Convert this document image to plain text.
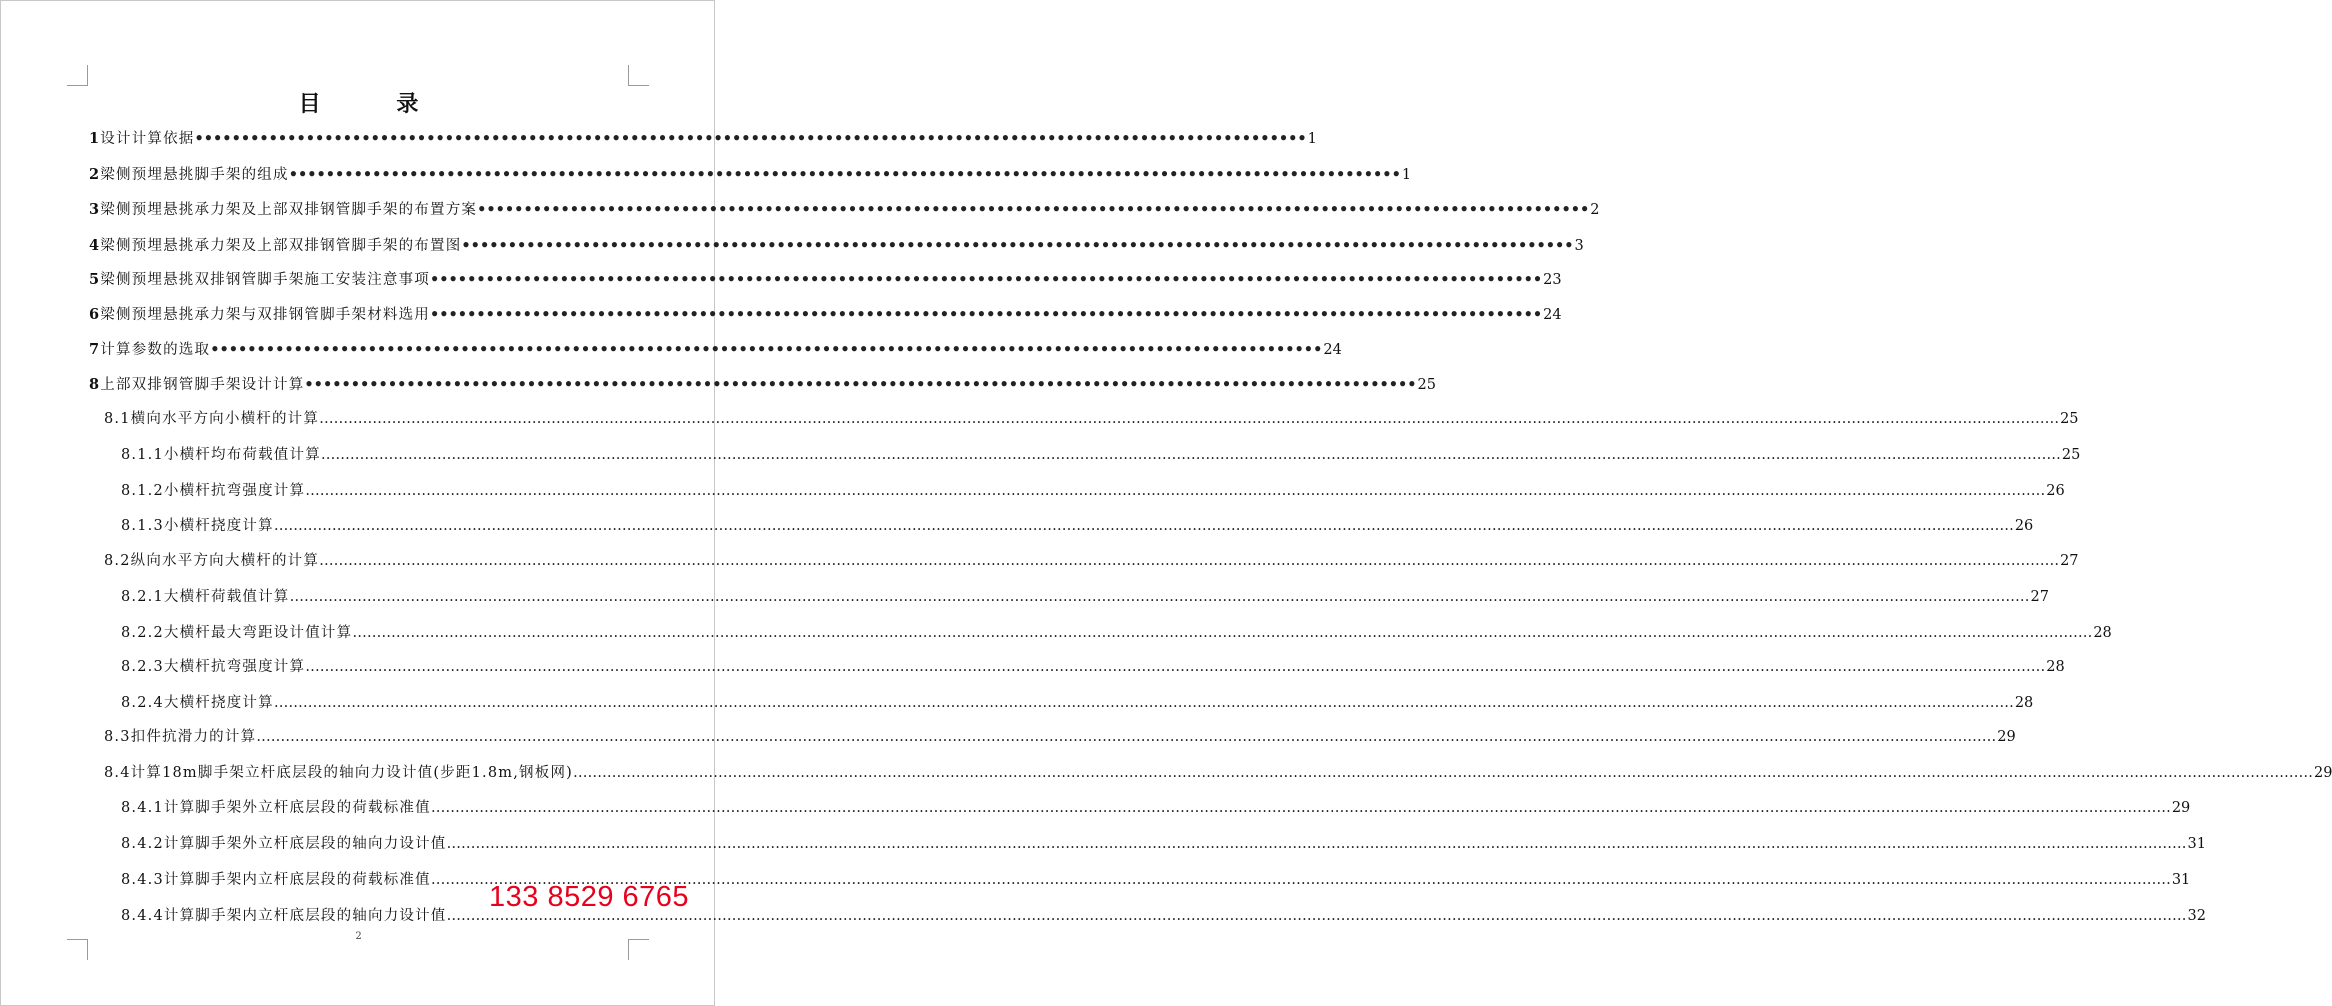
目 录
1 设计计算依据 •••••••••••••••••••••••••••••••••••••••••••••••••••••••••••••••••••••••••••••••••••••••••••••••••••••••••••••••••••••••• 1
2 梁侧预埋悬挑脚手架的组成 •••••••••••••••••••••••••••••••••••••••••••••••••••••••••••••••••••••••••••••••••••••••••••••••••••••••••••••••••••••••• 1
3 梁侧预埋悬挑承力架及上部双排钢管脚手架的布置方案 •••••••••••••••••••••••••••••••••••••••••••••••••••••••••••••••••••••••••••••••••••••••••••••••••••••••••••••••••••••••• 2
4 梁侧预埋悬挑承力架及上部双排钢管脚手架的布置图 •••••••••••••••••••••••••••••••••••••••••••••••••••••••••••••••••••••••••••••••••••••••••••••••••••••••••••••••••••••••• 3
5 梁侧预埋悬挑双排钢管脚手架施工安装注意事项 •••••••••••••••••••••••••••••••••••••••••••••••••••••••••••••••••••••••••••••••••••••••••••••••••••••••••••••••••••••••• 23
6 梁侧预埋悬挑承力架与双排钢管脚手架材料选用 •••••••••••••••••••••••••••••••••••••••••••••••••••••••••••••••••••••••••••••••••••••••••••••••••••••••••••••••••••••••• 24
7 计算参数的选取 •••••••••••••••••••••••••••••••••••••••••••••••••••••••••••••••••••••••••••••••••••••••••••••••••••••••••••••••••••••••• 24
8 上部双排钢管脚手架设计计算 •••••••••••••••••••••••••••••••••••••••••••••••••••••••••••••••••••••••••••••••••••••••••••••••••••••••••••••••••••••••• 25
8.1 横向水平方向小横杆的计算 ……………………………………………………………………………………………………………………………………………………………………………………………………………………………………………………………………………………………………………………………… 25
8.1.1 小横杆均布荷载值计算 ……………………………………………………………………………………………………………………………………………………………………………………………………………………………………………………………………………………………………………………………… 25
8.1.2 小横杆抗弯强度计算 ……………………………………………………………………………………………………………………………………………………………………………………………………………………………………………………………………………………………………………………………… 26
8.1.3 小横杆挠度计算 ……………………………………………………………………………………………………………………………………………………………………………………………………………………………………………………………………………………………………………………………… 26
8.2 纵向水平方向大横杆的计算 ……………………………………………………………………………………………………………………………………………………………………………………………………………………………………………………………………………………………………………………………… 27
8.2.1 大横杆荷载值计算 ……………………………………………………………………………………………………………………………………………………………………………………………………………………………………………………………………………………………………………………………… 27
8.2.2 大横杆最大弯距设计值计算 ……………………………………………………………………………………………………………………………………………………………………………………………………………………………………………………………………………………………………………………………… 28
8.2.3 大横杆抗弯强度计算 ……………………………………………………………………………………………………………………………………………………………………………………………………………………………………………………………………………………………………………………………… 28
8.2.4 大横杆挠度计算 ……………………………………………………………………………………………………………………………………………………………………………………………………………………………………………………………………………………………………………………………… 28
8.3 扣件抗滑力的计算 ……………………………………………………………………………………………………………………………………………………………………………………………………………………………………………………………………………………………………………………………… 29
8.4 计算18m脚手架立杆底层段的轴向力设计值(步距1.8m,钢板网) ……………………………………………………………………………………………………………………………………………………………………………………………………………………………………………………………………………………………………………………………… 29
8.4.1 计算脚手架外立杆底层段的荷载标准值 ……………………………………………………………………………………………………………………………………………………………………………………………………………………………………………………………………………………………………………………………… 29
8.4.2 计算脚手架外立杆底层段的轴向力设计值 ……………………………………………………………………………………………………………………………………………………………………………………………………………………………………………………………………………………………………………………………… 31
8.4.3 计算脚手架内立杆底层段的荷载标准值 ……………………………………………………………………………………………………………………………………………………………………………………………………………………………………………………………………………………………………………………………… 31
8.4.4 计算脚手架内立杆底层段的轴向力设计值 ……………………………………………………………………………………………………………………………………………………………………………………………………………………………………………………………………………………………………………………………… 32
2
133 8529 6765
